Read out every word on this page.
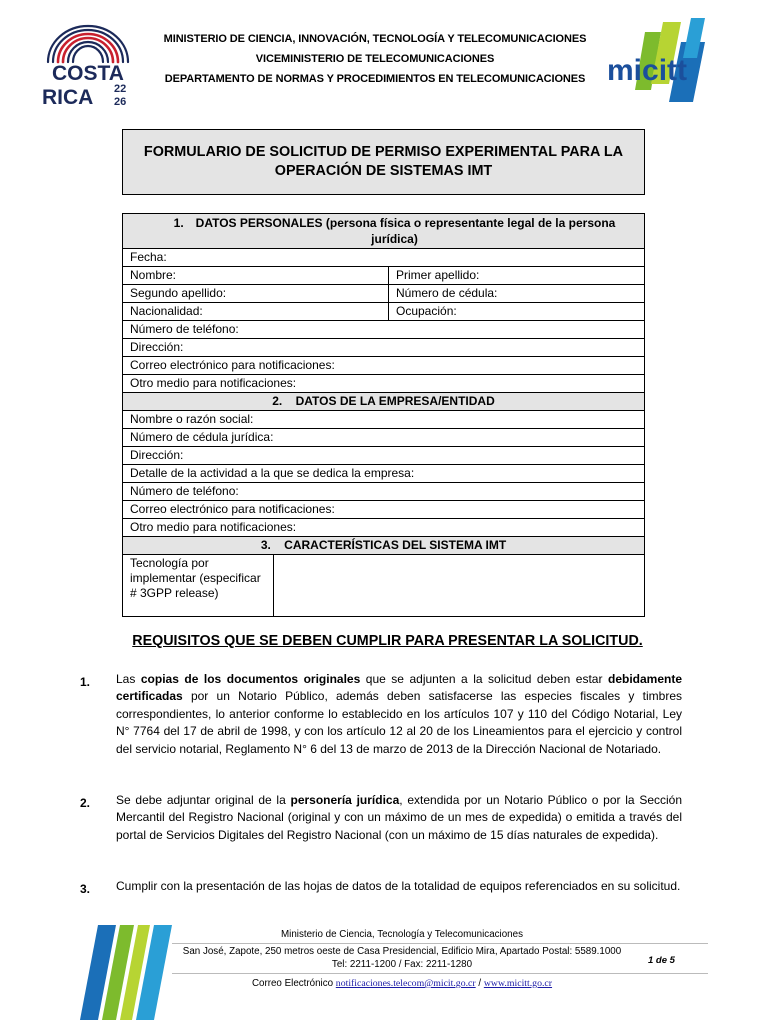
COSTA
RICA 22
26
MINISTERIO DE CIENCIA, INNOVACIÓN, TECNOLOGÍA Y TELECOMUNICACIONES
VICEMINISTERIO DE TELECOMUNICACIONES
DEPARTAMENTO DE NORMAS Y PROCEDIMIENTOS EN TELECOMUNICACIONES micitt
FORMULARIO DE SOLICITUD DE PERMISO EXPERIMENTAL PARA LA OPERACIÓN DE SISTEMAS IMT
1. DATOS PERSONALES (persona física o representante legal de la persona jurídica)
Fecha:
Nombre:	Primer apellido:
Segundo apellido:	Número de cédula:
Nacionalidad:	Ocupación:
Número de teléfono:
Dirección:
Correo electrónico para notificaciones:
Otro medio para notificaciones:
2. DATOS DE LA EMPRESA/ENTIDAD
Nombre o razón social:
Número de cédula jurídica:
Dirección:
Detalle de la actividad a la que se dedica la empresa:
Número de teléfono:
Correo electrónico para notificaciones:
Otro medio para notificaciones:
3. CARACTERÍSTICAS DEL SISTEMA IMT
Tecnología por implementar (especificar # 3GPP release)
REQUISITOS QUE SE DEBEN CUMPLIR PARA PRESENTAR LA SOLICITUD.
1. Las copias de los documentos originales que se adjunten a la solicitud deben estar debidamente certificadas por un Notario Público, además deben satisfacerse las especies fiscales y timbres correspondientes, lo anterior conforme lo establecido en los artículos 107 y 110 del Código Notarial, Ley N° 7764 del 17 de abril de 1998, y con los artículo 12 al 20 de los Lineamientos para el ejercicio y control del servicio notarial, Reglamento N° 6 del 13 de marzo de 2013 de la Dirección Nacional de Notariado.
2. Se debe adjuntar original de la personería jurídica, extendida por un Notario Público o por la Sección Mercantil del Registro Nacional (original y con un máximo de un mes de expedida) o emitida a través del portal de Servicios Digitales del Registro Nacional (con un máximo de 15 días naturales de expedida).
3. Cumplir con la presentación de las hojas de datos de la totalidad de equipos referenciados en su solicitud.
Ministerio de Ciencia, Tecnología y Telecomunicaciones
San José, Zapote, 250 metros oeste de Casa Presidencial, Edificio Mira, Apartado Postal: 5589.1000
Tel: 2211-1200 / Fax: 2211-1280	1 de 5
Correo Electrónico notificaciones.telecom@micit.go.cr / www.micitt.go.cr
